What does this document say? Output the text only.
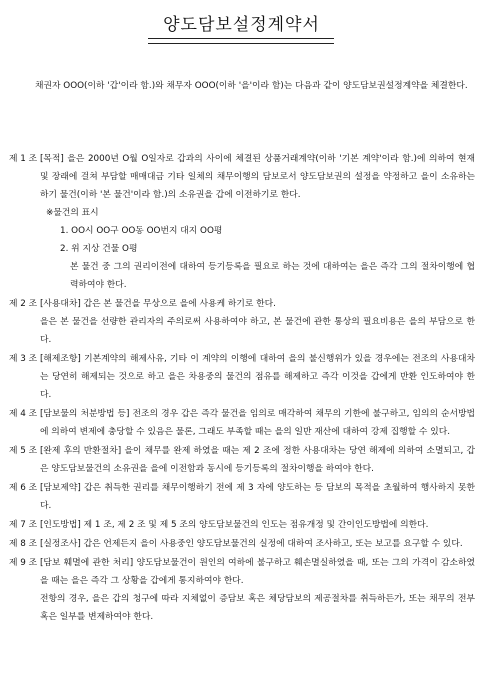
양도담보설정계약서
채권자 OOO(이하 '갑'이라 함.)와 채무자 OOO(이하 '을'이라 함)는 다음과 같이 양도담보권설정계약을 체결한다.
제 1 조
[목적] 을은 2000년 O월 O일자로 갑과의 사이에 체결된 상품거래계약(이하 '기본 계약'이라 함.)에 의하여 현재 및 장래에 걸쳐 부담할 매매대금 기타 일체의 채무이행의 담보로서 양도담보권의 설정을 약정하고 을이 소유하는 하기 물건(이하 '본 물건'이라 함.)의 소유권을 갑에 이전하기로 한다.

※물건의 표시
1. OO시 OO구 OO동 OO번지 대지 OO평
2. 위 지상 건물 O평
본 물건 중 그의 권리이전에 대하여 등기등록을 필요로 하는 것에 대하여는 을은 즉각 그의 절차이행에 협력하여야 한다.
제 2 조
[사용대차] 갑은 본 물건을 무상으로 을에 사용케 하기로 한다.

을은 본 물건을 선량한 관리자의 주의로써 사용하여야 하고, 본 물건에 관한 통상의 필요비용은 을의 부담으로 한다.

제 3 조
[해제조항] 기본계약의 해제사유, 기타 이 계약의 이행에 대하여 을의 불신행위가 있을 경우에는 전조의 사용대차는 당연히 해제되는 것으로 하고 을은 차용중의 물건의 점유를 해제하고 즉각 이것을 갑에게 반환 인도하여야 한다.

제 4 조
[담보물의 처분방법 등] 전조의 경우 갑은 즉각 물건을 임의로 매각하여 채무의 기한에 불구하고, 임의의 순서방법에 의하여 변제에 충당할 수 있음은 물론, 그래도 부족할 때는 을의 일반 재산에 대하여 강제 집행할 수 있다.

제 5 조
[완제 후의 반환절차] 을이 채무를 완제 하였을 때는 제 2 조에 정한 사용대차는 당연 해제에 의하여 소멸되고, 갑은 양도담보물건의 소유권을 을에 이전함과 동시에 등기등록의 절차이행을 하여야 한다.

제 6 조
[담보제약] 갑은 취득한 권리를 채무이행하기 전에 제 3 자에 양도하는 등 담보의 목적을 초월하여 행사하지 못한다.

제 7 조
[인도방법] 제 1 조, 제 2 조 및 제 5 조의 양도담보물건의 인도는 점유개정 및 간이인도방법에 의한다.

제 8 조
[실정조사] 갑은 언제든지 을이 사용중인 양도담보물건의 실정에 대하여 조사하고, 또는 보고를 요구할 수 있다.

제 9 조
[담보 훼멸에 관한 처리] 양도담보물건이 원인의 여하에 불구하고 훼손멸실하였을 때, 또는 그의 가격이 감소하였을 때는 을은 즉각 그 상황을 갑에게 통지하여야 한다.

전항의 경우, 을은 갑의 청구에 따라 지체없이 증담보 혹은 체당담보의 제공절차를 취득하든가, 또는 채무의 전부 혹은 일부를 변제하여야 한다.
